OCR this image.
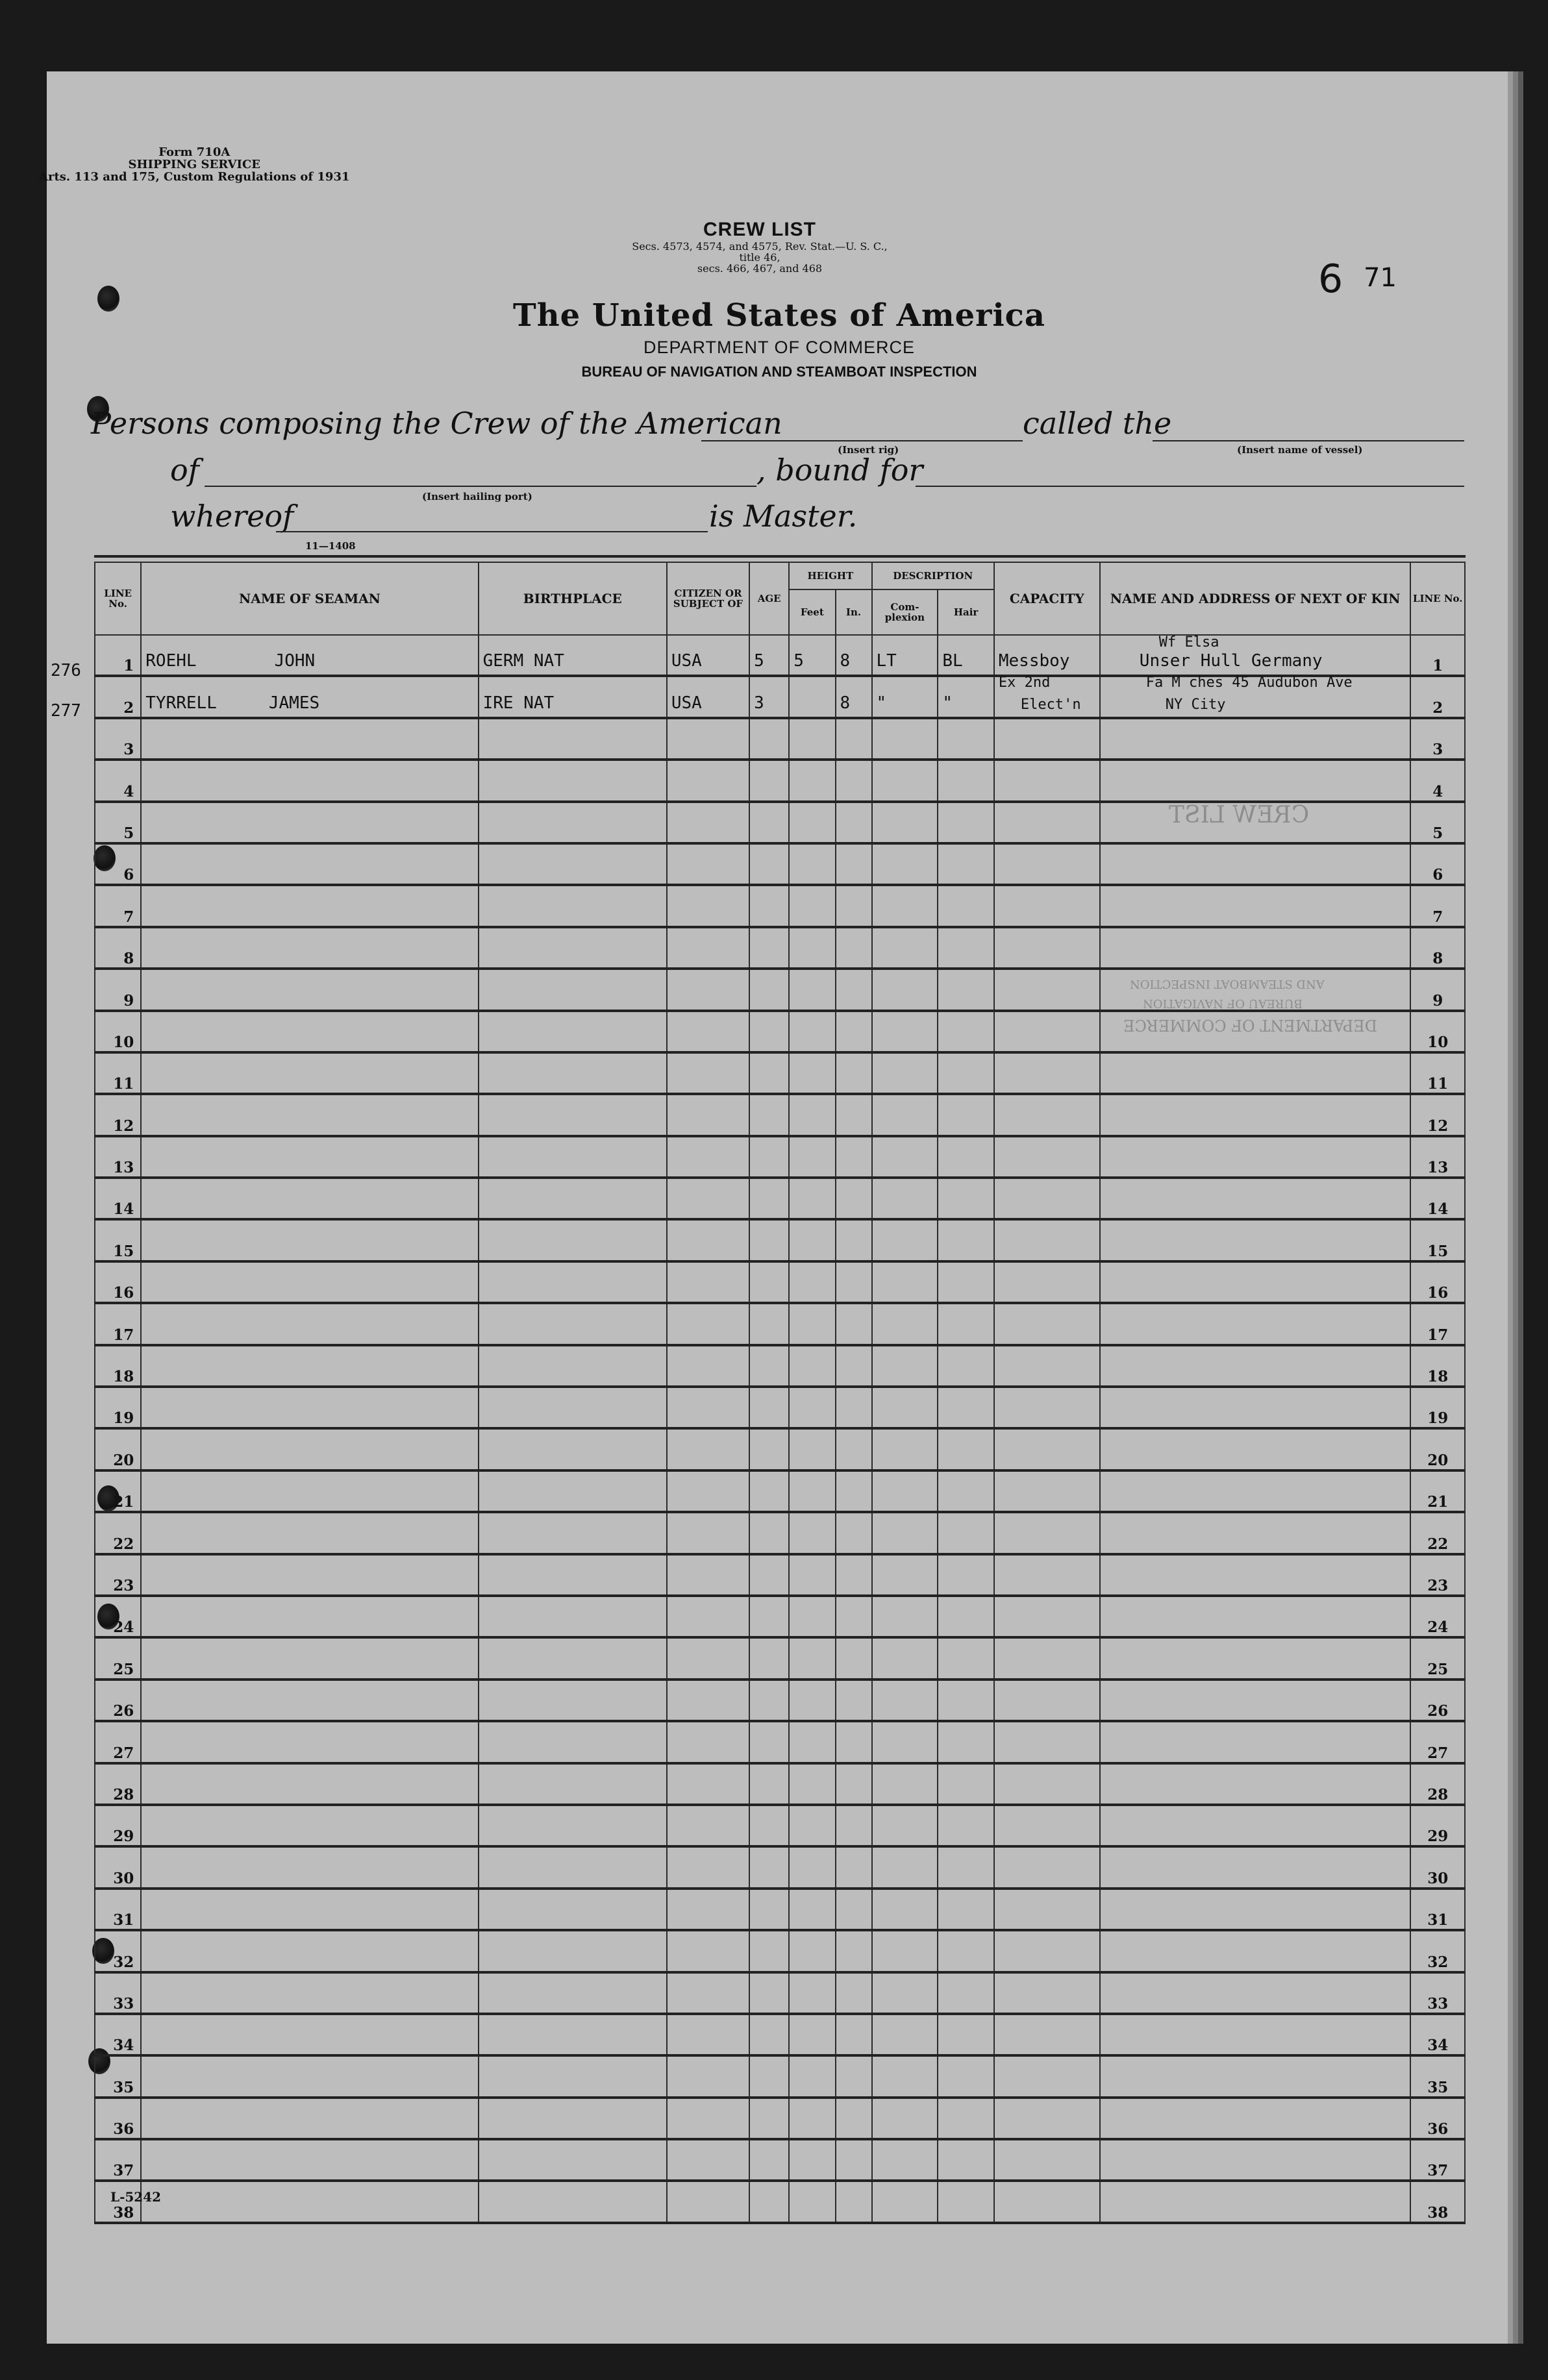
Form 710A
SHIPPING SERVICE
Arts. 113 and 175, Custom Regulations of 1931
CREW LIST
Secs. 4573, 4574, and 4575, Rev. Stat.—U. S. C., title 46,
secs. 466, 467, and 468	6 71
The United States of America
DEPARTMENT OF COMMERCE
BUREAU OF NAVIGATION AND STEAMBOAT INSPECTION
Persons composing the Crew of the American	called the
(Insert rig)	(Insert name of vessel)
of	, bound for
(Insert hailing port)
whereof	is Master.
11—1408
CREW LIST
DEPARTMENT OF COMMERCE
BUREAU OF NAVIGATION
AND STEAMBOAT INSPECTION
LINE No.	NAME OF SEAMAN	BIRTHPLACE	CITIZEN OR SUBJECT OF	AGE	HEIGHT		DESCRIPTION		CAPACITY	NAME AND ADDRESS OF NEXT OF KIN	LINE No.
					Feet	In.	Com- plexion	Hair			
1	ROEHL JOHN	GERM NAT	USA	5	5	8	LT	BL	Messboy	Wf Elsa
Unser Hull Germany	1
2	TYRRELL JAMES	IRE NAT	USA	3		8	"	"	Ex 2nd
Elect'n	Fa M ches 45 Audubon Ave
NY City	2
3											3
4											4
5											5
6											6
7											7
8											8
9											9
10											10
11											11
12											12
13											13
14											14
15											15
16											16
17											17
18											18
19											19
20											20
21											21
22											22
23											23
24											24
25											25
26											26
27											27
28											28
29											29
30											30
31											31
32											32
33											33
34											34
35											35
36											36
37											37
38											38
276
277
L-5242
